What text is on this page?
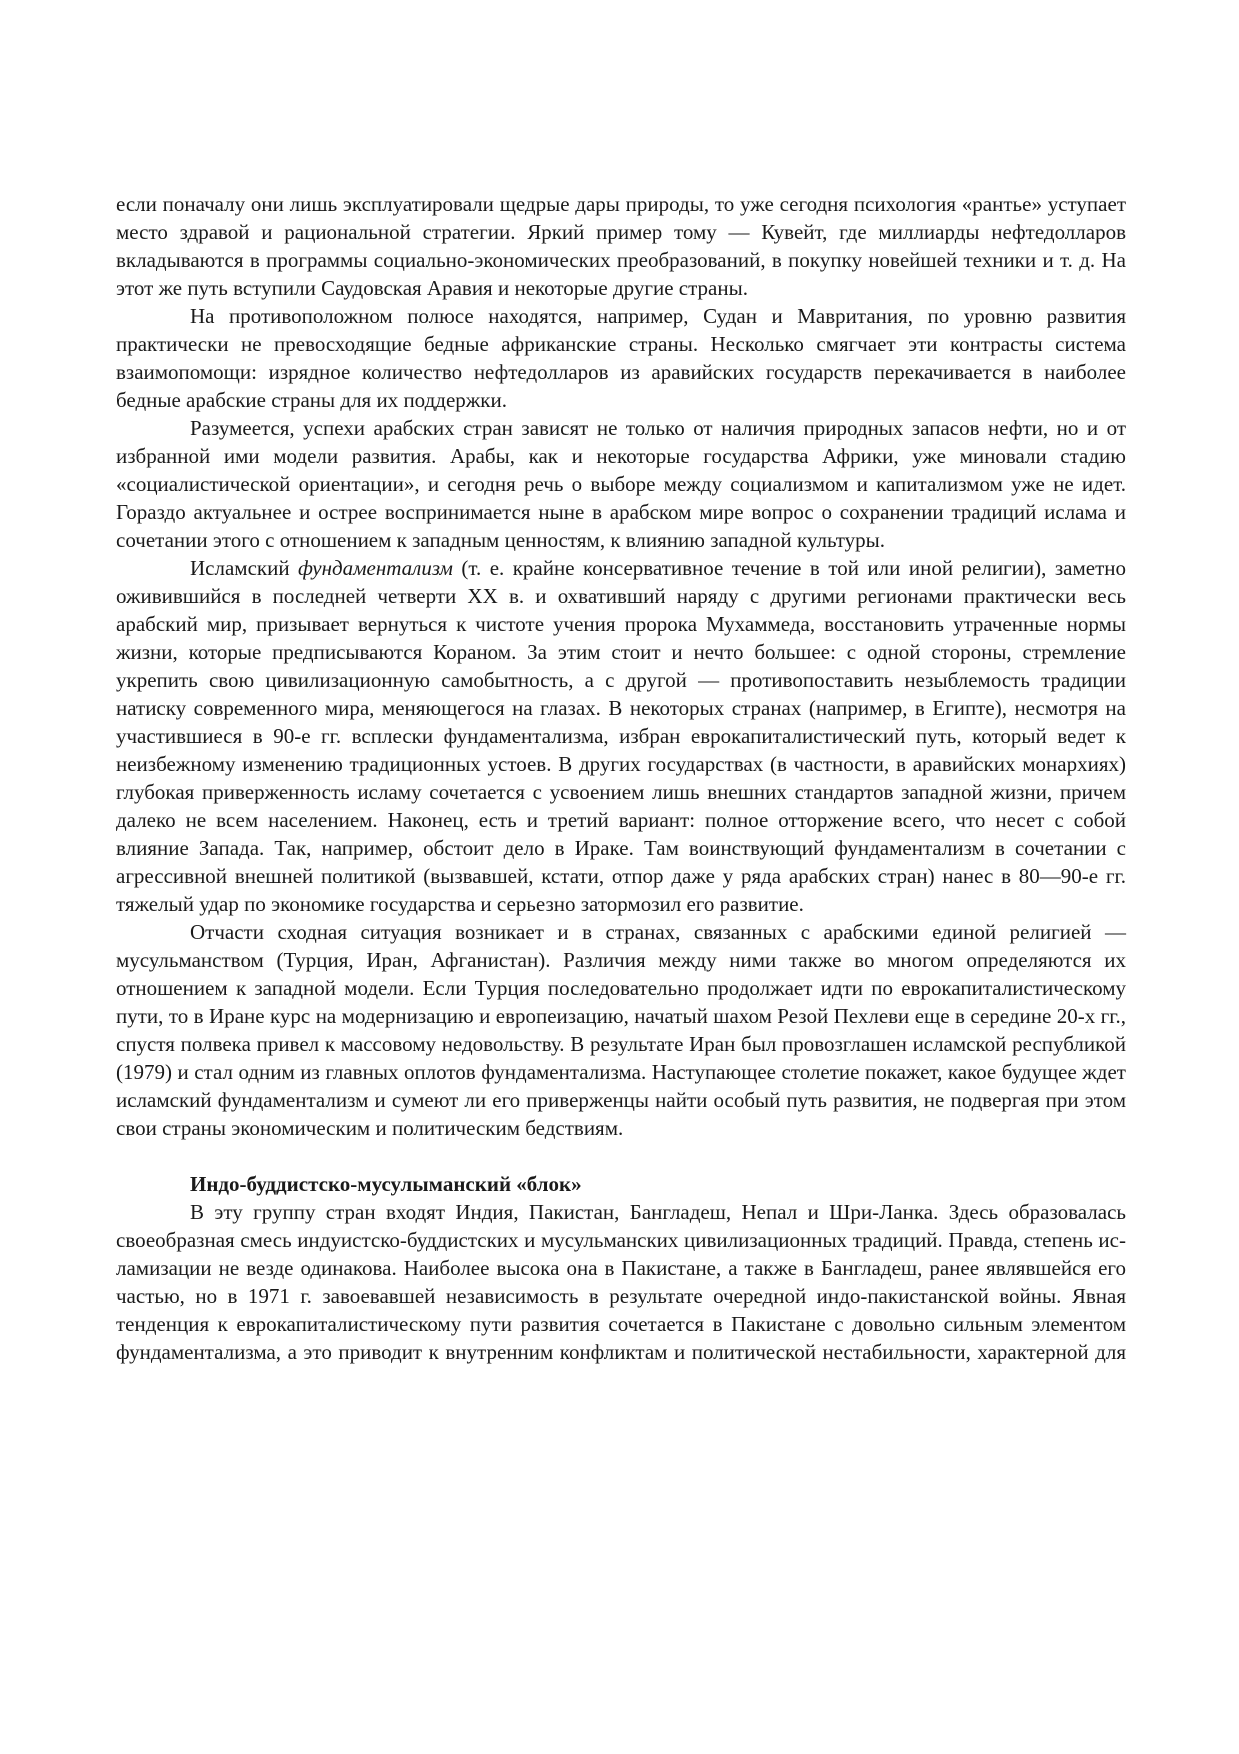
если поначалу они лишь эксплуатировали щедрые дары природы, то уже сегодня психология «рантье» уступает место здравой и рациональной стратегии. Яркий пример тому — Кувейт, где миллиарды нефтедолларов вкладываются в программы социально-экономических преобразований, в покупку новейшей техники и т. д. На этот же путь вступили Саудовская Аравия и некоторые другие страны.

На противоположном полюсе находятся, например, Судан и Мавритания, по уровню развития практически не превосходящие бедные африканские страны. Несколько смягчает эти контрасты система взаимопомощи: изрядное количество нефтедолларов из аравийских государств перекачивается в наиболее бедные арабские страны для их поддержки.

Разумеется, успехи арабских стран зависят не только от наличия природных запасов нефти, но и от избранной ими модели развития. Арабы, как и некоторые государства Африки, уже миновали стадию «социалистической ориентации», и сегодня речь о выборе между социализмом и капитализмом уже не идет. Гораздо актуальнее и острее воспринимается ныне в арабском мире вопрос о сохранении традиций ислама и сочетании этого с отношением к западным ценностям, к влиянию западной культуры.

Исламский фундаментализм (т. е. крайне консервативное течение в той или иной религии), заметно оживившийся в последней четверти XX в. и охвативший наряду с другими регионами практически весь арабский мир, призывает вернуться к чистоте учения пророка Мухаммеда, восстановить утраченные нормы жизни, которые предписываются Кораном. За этим стоит и нечто большее: с одной стороны, стремление укрепить свою цивилизационную самобытность, а с другой — противопоставить незыблемость традиции натиску современного мира, меняющегося на глазах. В некоторых странах (например, в Египте), несмотря на участившиеся в 90-е гг. всплески фундаментализма, избран еврокапиталистический путь, который ведет к неизбежному изменению традиционных устоев. В других государствах (в частности, в аравийских монархиях) глубокая приверженность исламу сочетается с усвоением лишь внешних стандартов западной жизни, причем далеко не всем населением. Наконец, есть и третий вариант: полное отторжение всего, что несет с собой влияние Запада. Так, например, обстоит дело в Ираке. Там воинствующий фундаментализм в сочетании с агрессивной внешней политикой (вызвавшей, кстати, отпор даже у ряда арабских стран) нанес в 80—90-е гг. тяжелый удар по экономике государства и серьезно затормозил его развитие.

Отчасти сходная ситуация возникает и в странах, связанных с арабскими единой религией — мусульманством (Турция, Иран, Афганистан). Различия между ними также во многом определяются их отношением к западной модели. Если Турция последовательно продолжает идти по еврокапиталистическому пути, то в Иране курс на модернизацию и европеизацию, начатый шахом Резой Пехлеви еще в середине 20-х гг., спустя полвека привел к массовому недовольству. В результате Иран был провозглашен исламской республикой (1979) и стал одним из главных оплотов фундаментализма. Наступающее столетие покажет, какое будущее ждет исламский фундаментализм и сумеют ли его приверженцы найти особый путь развития, не подвергая при этом свои страны экономическим и политическим бедствиям.

Индо-буддистско-мусулыманский «блок»

В эту группу стран входят Индия, Пакистан, Бангладеш, Непал и Шри-Ланка. Здесь образовалась своеобразная смесь индуистско-буддистских и мусульманских цивилизационных традиций. Правда, степень ис-ламизации не везде одинакова. Наиболее высока она в Пакистане, а также в Бангладеш, ранее являвшейся его частью, но в 1971 г. завоевавшей независимость в результате очередной индо-пакистанской войны. Явная тенденция к еврокапиталистическому пути развития сочетается в Пакистане с довольно сильным элементом фундаментализма, а это приводит к внутренним конфликтам и политической нестабильности, характерной для
